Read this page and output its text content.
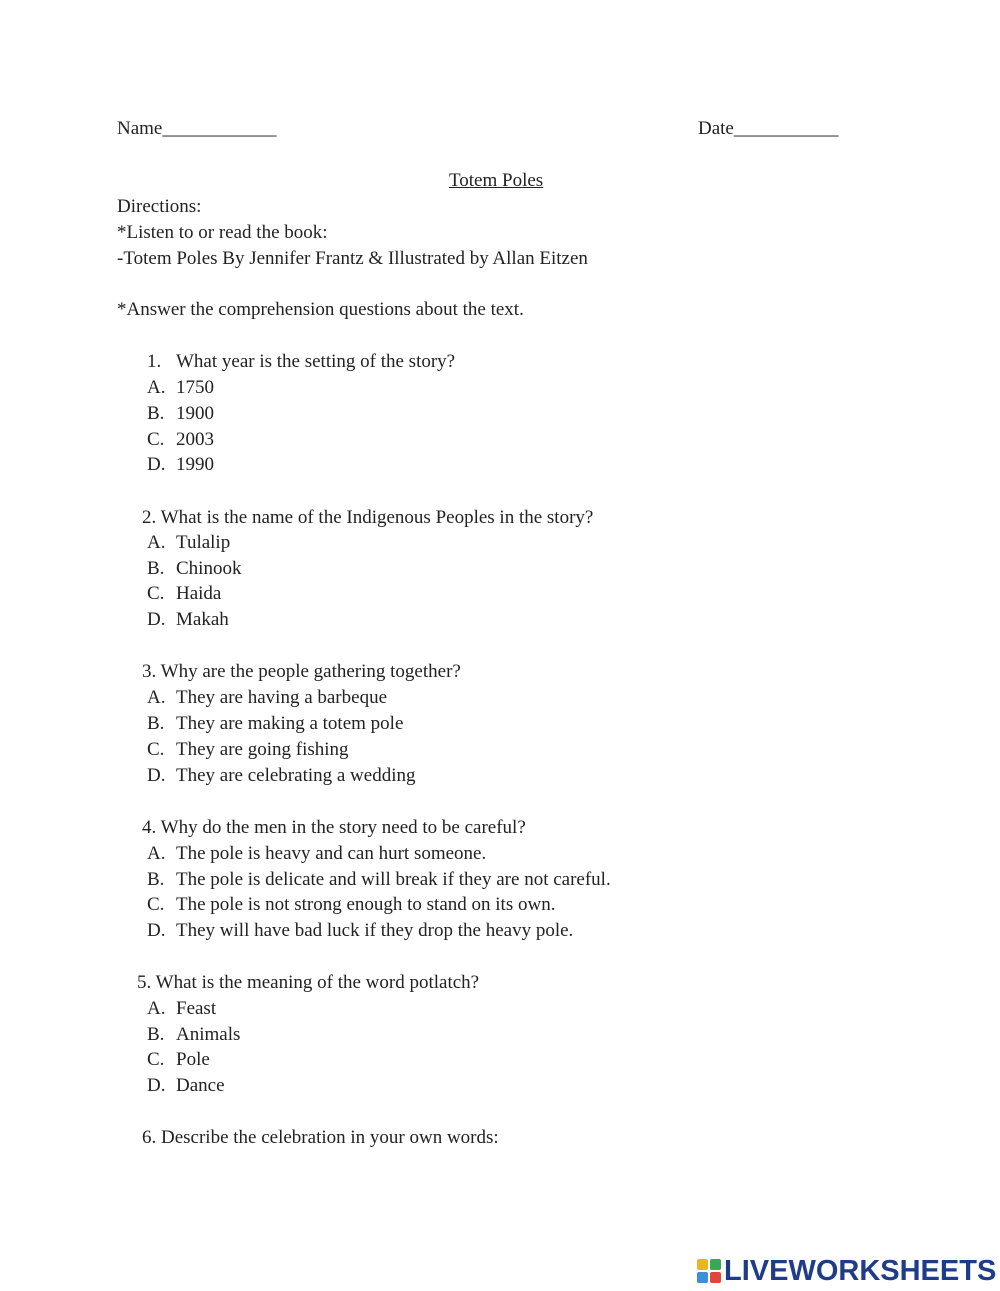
Name____________	Date___________
Totem Poles
Directions:
*Listen to or read the book:
-Totem Poles By Jennifer Frantz & Illustrated by Allan Eitzen
*Answer the comprehension questions about the text.
1. What year is the setting of the story?
A. 1750
B. 1900
C. 2003
D. 1990
2. What is the name of the Indigenous Peoples in the story?
A. Tulalip
B. Chinook
C. Haida
D. Makah
3. Why are the people gathering together?
A. They are having a barbeque
B. They are making a totem pole
C. They are going fishing
D. They are celebrating a wedding
4. Why do the men in the story need to be careful?
A. The pole is heavy and can hurt someone.
B. The pole is delicate and will break if they are not careful.
C. The pole is not strong enough to stand on its own.
D. They will have bad luck if they drop the heavy pole.
5. What is the meaning of the word potlatch?
A. Feast
B. Animals
C. Pole
D. Dance
6. Describe the celebration in your own words:
LIVEWORKSHEETS
